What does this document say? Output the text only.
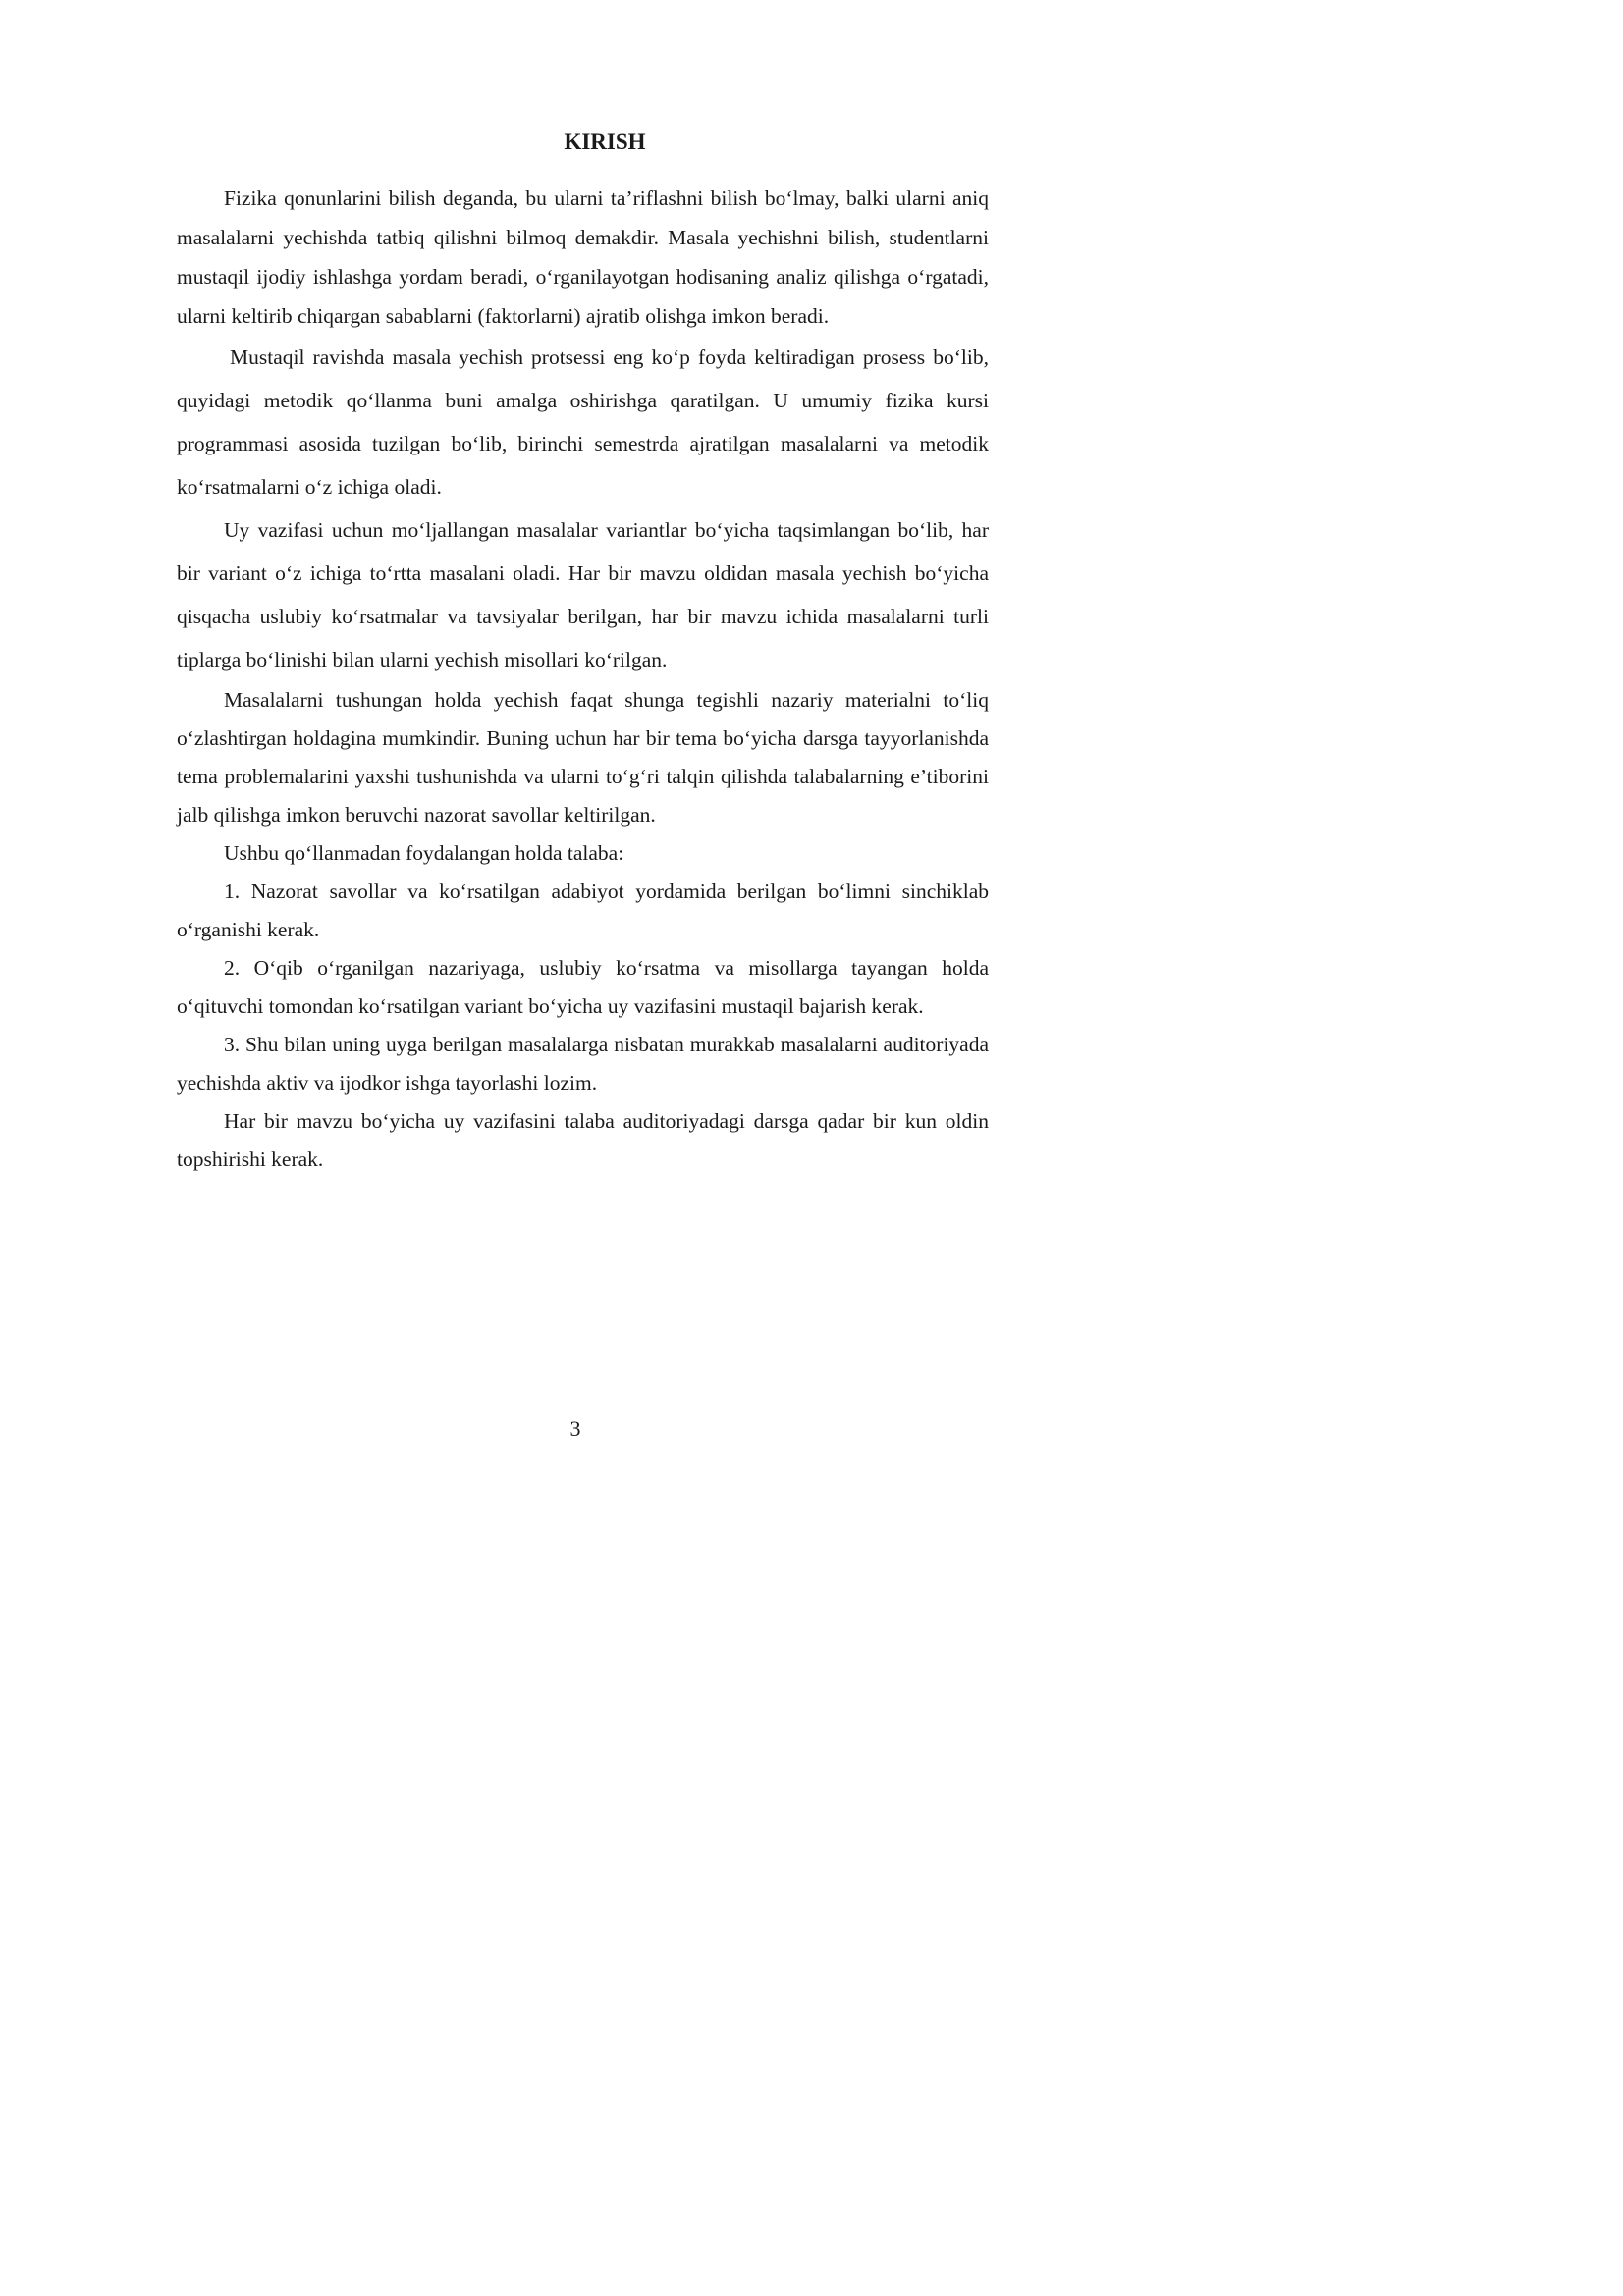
KIRISH

Fizika qonunlarini bilish deganda, bu ularni ta’riflashni bilish boʻlmay, balki ularni aniq masalalarni yechishda tatbiq qilishni bilmoq demakdir. Masala yechishni bilish, studentlarni mustaqil ijodiy ishlashga yordam beradi, oʻrganilayotgan hodisaning analiz qilishga oʻrgatadi, ularni keltirib chiqargan sabablarni (faktorlarni) ajratib olishga imkon beradi.

Mustaqil ravishda masala yechish protsessi eng ko‘p foyda keltiradigan prosess boʻlib, quyidagi metodik qoʻllanma buni amalga oshirishga qaratilgan. U umumiy fizika kursi programmasi asosida tuzilgan boʻlib, birinchi semestrda ajratilgan masalalarni va metodik koʻrsatmalarni oʻz ichiga oladi.

Uy vazifasi uchun moʻljallangan masalalar variantlar boʻyicha taqsimlangan boʻlib, har bir variant oʻz ichiga toʻrtta masalani oladi. Har bir mavzu oldidan masala yechish boʻyicha qisqacha uslubiy koʻrsatmalar va tavsiyalar berilgan, har bir mavzu ichida masalalarni turli tiplarga boʻlinishi bilan ularni yechish misollari koʻrilgan.

Masalalarni tushungan holda yechish faqat shunga tegishli nazariy materialni to‘liq o‘zlashtirgan holdagina mumkindir. Buning uchun har bir tema bo‘yicha darsga tayyorlanishda tema problemalarini yaxshi tushunishda va ularni to‘g‘ri talqin qilishda talabalarning e’tiborini jalb qilishga imkon beruvchi nazorat savollar keltirilgan.

Ushbu qo‘llanmadan foydalangan holda talaba:

1. Nazorat savollar va ko‘rsatilgan adabiyot yordamida berilgan bo‘limni sinchiklab o‘rganishi kerak.

2. O‘qib o‘rganilgan nazariyaga, uslubiy ko‘rsatma va misollarga tayangan holda o‘qituvchi tomondan ko‘rsatilgan variant bo‘yicha uy vazifasini mustaqil bajarish kerak.

3. Shu bilan uning uyga berilgan masalalarga nisbatan murakkab masalalarni auditoriyada yechishda aktiv va ijodkor ishga tayorlashi lozim.

Har bir mavzu bo‘yicha uy vazifasini talaba auditoriyadagi darsga qadar bir kun oldin topshirishi kerak.

3
